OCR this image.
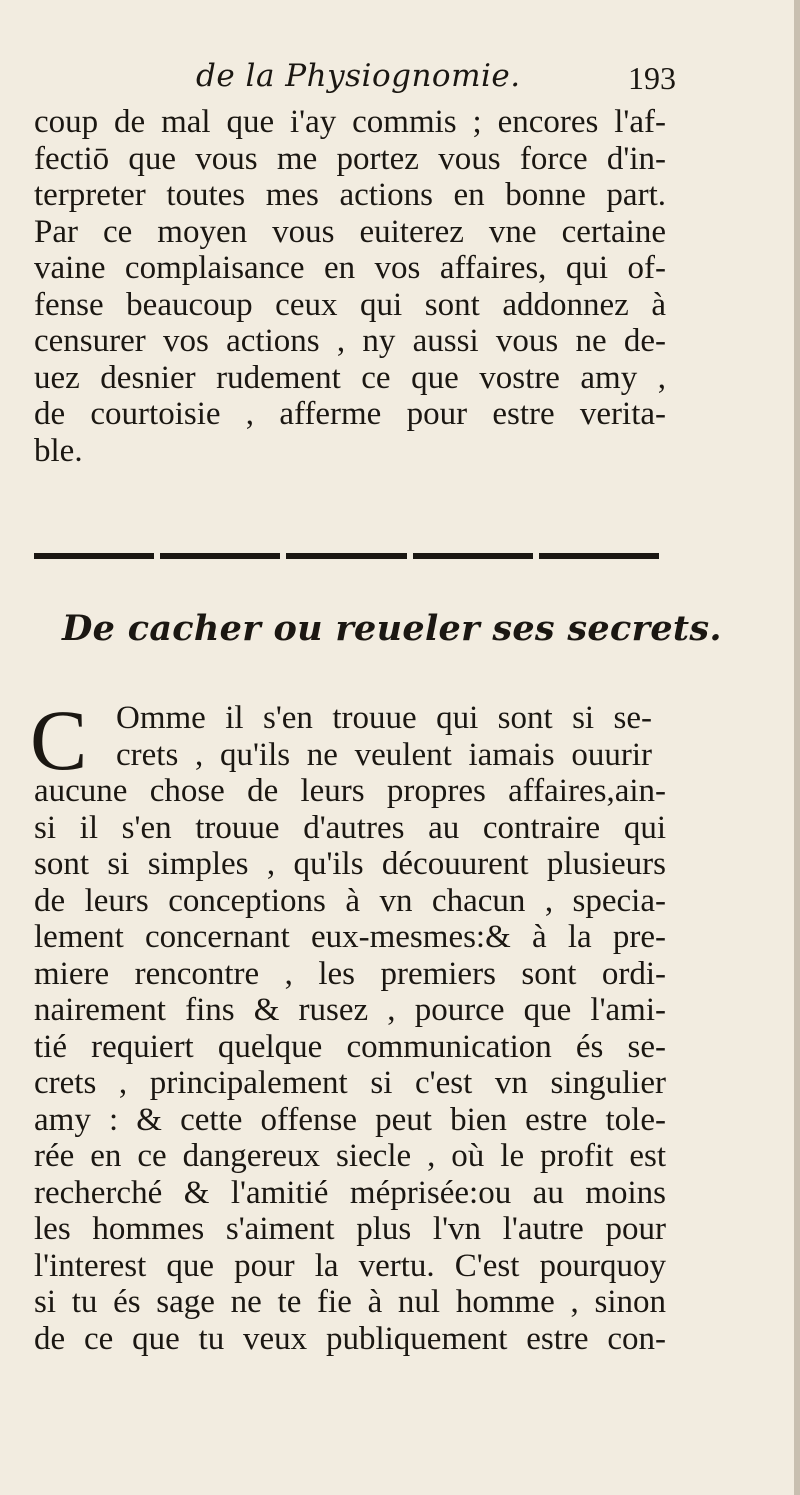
de la Physiognomie.	193
coup de mal que i'ay commis ; encores l'af-
fectiō que vous me portez vous force d'in-
terpreter toutes mes actions en bonne part.
Par ce moyen vous euiterez vne certaine
vaine complaisance en vos affaires, qui of-
fense beaucoup ceux qui sont addonnez à
censurer vos actions , ny aussi vous ne de-
uez desnier rudement ce que vostre amy ,
de courtoisie , afferme pour estre verita-
ble.
De cacher ou reueler ses secrets.
C Omme il s'en trouue qui sont si se-
crets , qu'ils ne veulent iamais ouurir
aucune chose de leurs propres affaires,ain-
si il s'en trouue d'autres au contraire qui
sont si simples , qu'ils découurent plusieurs
de leurs conceptions à vn chacun , specia-
lement concernant eux-mesmes:& à la pre-
miere rencontre , les premiers sont ordi-
nairement fins & rusez , pource que l'ami-
tié requiert quelque communication és se-
crets , principalement si c'est vn singulier
amy : & cette offense peut bien estre tole-
rée en ce dangereux siecle , où le profit est
recherché & l'amitié méprisée:ou au moins
les hommes s'aiment plus l'vn l'autre pour
l'interest que pour la vertu. C'est pourquoy
si tu és sage ne te fie à nul homme , sinon
de ce que tu veux publiquement estre con-
